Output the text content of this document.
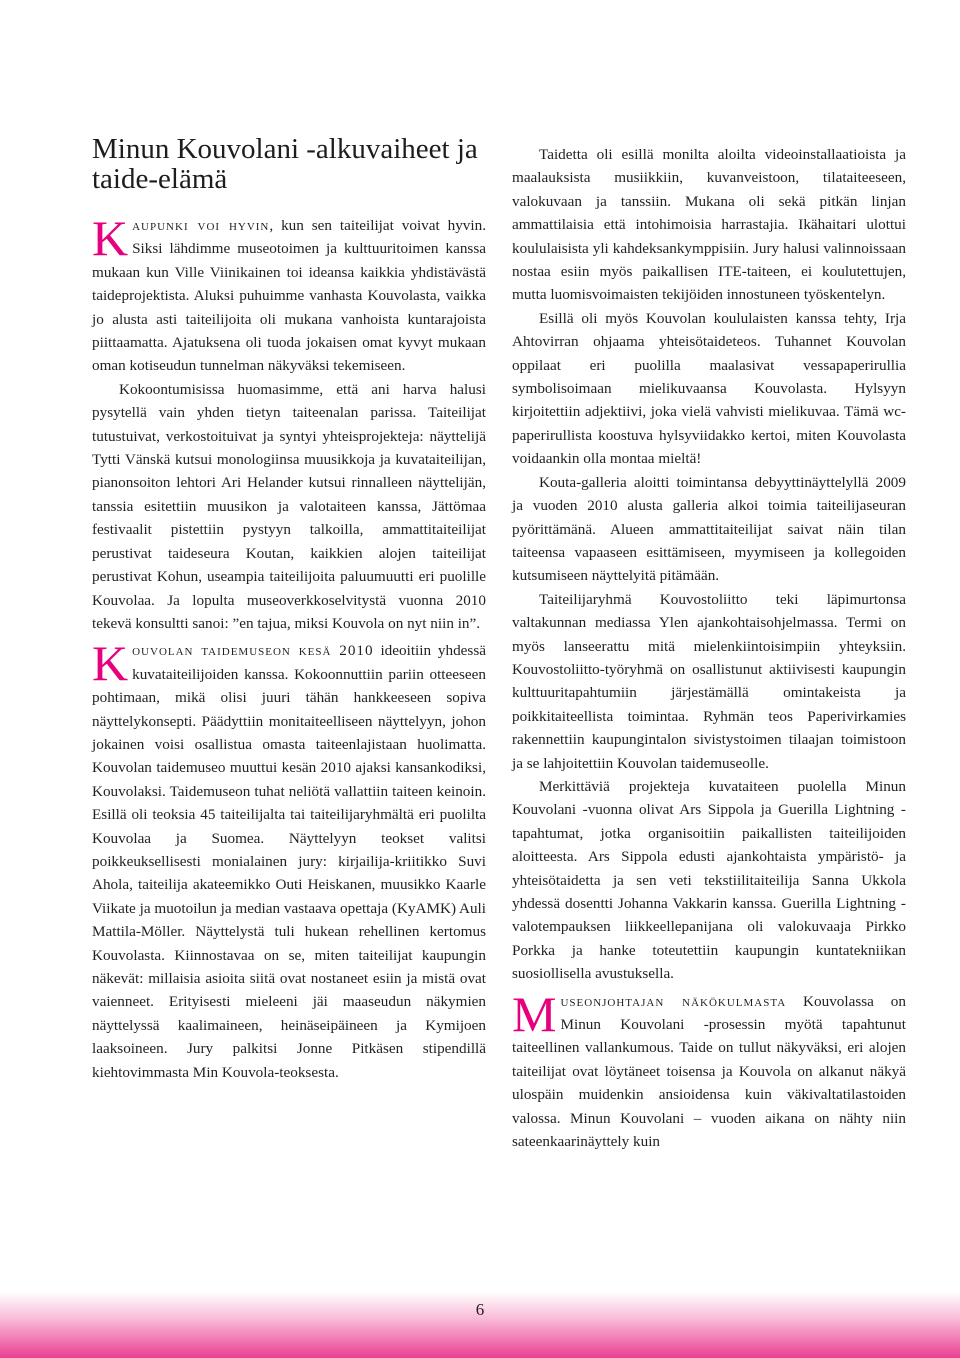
Minun Kouvolani -alkuvaiheet ja taide-elämä

Kaupunki voi hyvin, kun sen taiteilijat voivat hyvin. Siksi lähdimme museotoimen ja kulttuuritoimen kanssa mukaan kun Ville Viinikainen toi ideansa kaikkia yhdistävästä taideprojektista. Aluksi puhuimme vanhasta Kouvolasta, vaikka jo alusta asti taiteilijoita oli mukana vanhoista kuntarajoista piittaamatta. Ajatuksena oli tuoda jokaisen omat kyvyt mukaan oman kotiseudun tunnelman näkyväksi tekemiseen.

Kokoontumisissa huomasimme, että ani harva halusi pysytellä vain yhden tietyn taiteenalan parissa. Taiteilijat tutustuivat, verkostoituivat ja syntyi yhteisprojekteja: näyttelijä Tytti Vänskä kutsui monologiinsa muusikkoja ja kuvataiteilijan, pianonsoiton lehtori Ari Helander kutsui rinnalleen näyttelijän, tanssia esitettiin muusikon ja valotaiteen kanssa, Jättömaa festivaalit pistettiin pystyyn talkoilla, ammattitaiteilijat perustivat taideseura Koutan, kaikkien alojen taiteilijat perustivat Kohun, useampia taiteilijoita paluumuutti eri puolille Kouvolaa. Ja lopulta museoverkkoselvitystä vuonna 2010 tekevä konsultti sanoi: ”en tajua, miksi Kouvola on nyt niin in”.

Kouvolan taidemuseon kesä 2010 ideoitiin yhdessä kuvataiteilijoiden kanssa. Kokoonnuttiin pariin otteeseen pohtimaan, mikä olisi juuri tähän hankkeeseen sopiva näyttelykonsepti. Päädyttiin monitaiteelliseen näyttelyyn, johon jokainen voisi osallistua omasta taiteenlajistaan huolimatta. Kouvolan taidemuseo muuttui kesän 2010 ajaksi kansankodiksi, Kouvolaksi. Taidemuseon tuhat neliötä vallattiin taiteen keinoin. Esillä oli teoksia 45 taiteilijalta tai taiteilijaryhmältä eri puolilta Kouvolaa ja Suomea. Näyttelyyn teokset valitsi poikkeuksellisesti monialainen jury: kirjailija-kriitikko Suvi Ahola, taiteilija akateemikko Outi Heiskanen, muusikko Kaarle Viikate ja muotoilun ja median vastaava opettaja (KyAMK) Auli Mattila-Möller. Näyttelystä tuli hukean rehellinen kertomus Kouvolasta. Kiinnostavaa on se, miten taiteilijat kaupungin näkevät: millaisia asioita siitä ovat nostaneet esiin ja mistä ovat vaienneet. Erityisesti mieleeni jäi maaseudun näkymien näyttelyssä kaalimaineen, heinäseipäineen ja Kymijoen laaksoineen. Jury palkitsi Jonne Pitkäsen stipendillä kiehtovimmasta Min Kouvola-teoksesta.

Taidetta oli esillä monilta aloilta videoinstallaatioista ja maalauksista musiikkiin, kuvanveistoon, tilataiteeseen, valokuvaan ja tanssiin. Mukana oli sekä pitkän linjan ammattilaisia että intohimoisia harrastajia. Ikähaitari ulottui koululaisista yli kahdeksankymppisiin. Jury halusi valinnoissaan nostaa esiin myös paikallisen ITE-taiteen, ei koulutettujen, mutta luomisvoimaisten tekijöiden innostuneen työskentelyn.

Esillä oli myös Kouvolan koululaisten kanssa tehty, Irja Ahtovirran ohjaama yhteisötaideteos. Tuhannet Kouvolan oppilaat eri puolilla maalasivat vessapaperirullia symbolisoimaan mielikuvaansa Kouvolasta. Hylsyyn kirjoitettiin adjektiivi, joka vielä vahvisti mielikuvaa. Tämä wc-paperirullista koostuva hylsyviidakko kertoi, miten Kouvolasta voidaankin olla montaa mieltä!

Kouta-galleria aloitti toimintansa debyyttinäyttelyllä 2009 ja vuoden 2010 alusta galleria alkoi toimia taiteilijaseuran pyörittämänä. Alueen ammattitaiteilijat saivat näin tilan taiteensa vapaaseen esittämiseen, myymiseen ja kollegoiden kutsumiseen näyttelyitä pitämään.

Taiteilijaryhmä Kouvostoliitto teki läpimurtonsa valtakunnan mediassa Ylen ajankohtaisohjelmassa. Termi on myös lanseerattu mitä mielenkiintoisimpiin yhteyksiin. Kouvostoliitto-työryhmä on osallistunut aktiivisesti kaupungin kulttuuritapahtumiin järjestämällä omintakeista ja poikkitaiteellista toimintaa. Ryhmän teos Paperivirkamies rakennettiin kaupungintalon sivistystoimen tilaajan toimistoon ja se lahjoitettiin Kouvolan taidemuseolle.

Merkittäviä projekteja kuvataiteen puolella Minun Kouvolani -vuonna olivat Ars Sippola ja Guerilla Lightning -tapahtumat, jotka organisoitiin paikallisten taiteilijoiden aloitteesta. Ars Sippola edusti ajankohtaista ympäristö- ja yhteisötaidetta ja sen veti tekstiilitaiteilija Sanna Ukkola yhdessä dosentti Johanna Vakkarin kanssa. Guerilla Lightning -valotempauksen liikkeellepanijana oli valokuvaaja Pirkko Porkka ja hanke toteutettiin kaupungin kuntatekniikan suosiollisella avustuksella.

Museonjohtajan näkökulmasta Kouvolassa on Minun Kouvolani -prosessin myötä tapahtunut taiteellinen vallankumous. Taide on tullut näkyväksi, eri alojen taiteilijat ovat löytäneet toisensa ja Kouvola on alkanut näkyä ulospäin muidenkin ansioidensa kuin väkivaltatilastoiden valossa. Minun Kouvolani – vuoden aikana on nähty niin sateenkaarinäyttely kuin

6
